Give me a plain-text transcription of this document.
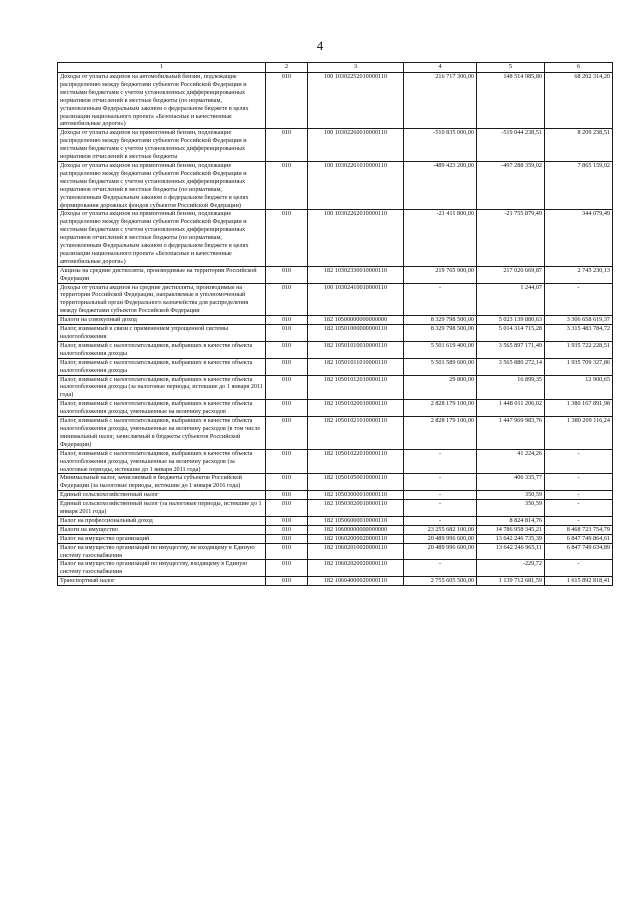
4
1	2	3	4	5	6
Доходы от уплаты акцизов на автомобильный бензин, подлежащие распределению между бюджетами субъектов Российской Федерации и местными бюджетами с учетом установленных дифференцированных нормативов отчислений в местные бюджеты (по нормативам, установленным Федеральным законом о федеральном бюджете в целях реализации национального проекта «Безопасные и качественные автомобильные дороги»)	010	100 10302252010000110	216 717 300,00	148 514 985,80	68 202 314,20
Доходы от уплаты акцизов на прямогонный бензин, подлежащие распределению между бюджетами субъектов Российской Федерации и местными бюджетами с учетом установленных дифференцированных нормативов отчислений в местные бюджеты	010	100 10302260010000110	-510 835 000,00	-519 044 238,51	8 209 238,51
Доходы от уплаты акцизов на прямогонный бензин, подлежащие распределению между бюджетами субъектов Российской Федерации и местными бюджетами с учетом установленных дифференцированных нормативов отчислений в местные бюджеты (по нормативам, установленным Федеральным законом о федеральном бюджете в целях формирования дорожных фондов субъектов Российской Федерации)	010	100 10302261010000110	-489 423 200,00	-497 288 359,02	7 865 159,02
Доходы от уплаты акцизов на прямогонный бензин, подлежащие распределению между бюджетами субъектов Российской Федерации и местными бюджетами с учетом установленных дифференцированных нормативов отчислений в местные бюджеты (по нормативам, установленным Федеральным законом о федеральном бюджете в целях реализации национального проекта «Безопасные и качественные автомобильные дороги»)	010	100 10302262010000110	-21 411 800,00	-21 755 879,49	344 079,49
Акцизы на средние дистилляты, производимые на территории Российской Федерации	010	182 10302330010000110	219 765 900,00	217 020 669,87	2 745 230,13
Доходы от уплаты акцизов на средние дистилляты, производимые на территории Российской Федерации, направляемые в уполномоченный территориальный орган Федерального казначейства для распределения между бюджетами субъектов Российской Федерации	010	100 10302410010000110	-	1 244,07	-
Налоги на совокупный доход	010	182 10500000000000000	8 329 798 500,00	5 023 139 880,63	3 306 658 619,37
Налог, взимаемый в связи с применением упрощенной системы налогообложения	010	182 10501000000000110	8 329 798 500,00	5 014 314 715,28	3 315 483 784,72
Налог, взимаемый с налогоплательщиков, выбравших в качестве объекта налогообложения доходы	010	182 10501010010000110	5 501 619 400,00	3 565 897 171,49	1 935 722 228,51
Налог, взимаемый с налогоплательщиков, выбравших в качестве объекта налогообложения доходы	010	182 10501011010000110	5 501 589 600,00	3 565 880 272,14	1 935 709 327,86
Налог, взимаемый с налогоплательщиков, выбравших в качестве объекта налогообложения доходы (за налоговые периоды, истекшие до 1 января 2011 года)	010	182 10501012010000110	29 800,00	16 899,35	12 900,65
Налог, взимаемый с налогоплательщиков, выбравших в качестве объекта налогообложения доходы, уменьшенные на величину расходов	010	182 10501020010000110	2 828 179 100,00	1 448 011 206,02	1 380 167 891,98
Налог, взимаемый с налогоплательщиков, выбравших в качестве объекта налогообложения доходы, уменьшенные на величину расходов (в том числе минимальный налог, зачисляемый в бюджеты субъектов Российской Федерации)	010	182 10501021010000110	2 828 179 100,00	1 447 969 983,76	1 380 209 116,24
Налог, взимаемый с налогоплательщиков, выбравших в качестве объекта налогообложения доходы, уменьшенные на величину расходов (за налоговые периоды, истекшие до 1 января 2011 года)	010	182 10501022010000110	-	41 224,26	-
Минимальный налог, зачисляемый в бюджеты субъектов Российской Федерации (за налоговые периоды, истекшие до 1 января 2016 года)	010	182 10501050010000110	-	406 335,77	-
Единый сельскохозяйственный налог	010	182 10503000010000110	-	350,59	-
Единый сельскохозяйственный налог (за налоговые периоды, истекшие до 1 января 2011 года)	010	182 10503020010000110	-	350,59	-
Налог на профессиональный доход	010	182 10506000010000110	-	8 824 814,76	-
Налоги на имущество	010	182 10600000000000000	23 255 682 100,00	14 786 958 345,21	8 468 723 754,79
Налог на имущество организаций	010	182 10602000020000110	20 489 996 600,00	13 642 246 735,39	6 847 749 864,61
Налог на имущество организаций по имуществу, не входящему в Единую систему газоснабжения	010	182 10602010020000110	20 489 996 600,00	13 642 246 965,11	6 847 749 634,89
Налог на имущество организаций по имуществу, входящему в Единую систему газоснабжения	010	182 10602020020000110	-	-229,72	-
Транспортный налог	010	182 10604000020000110	2 755 605 500,00	1 139 712 681,59	1 615 892 818,41
